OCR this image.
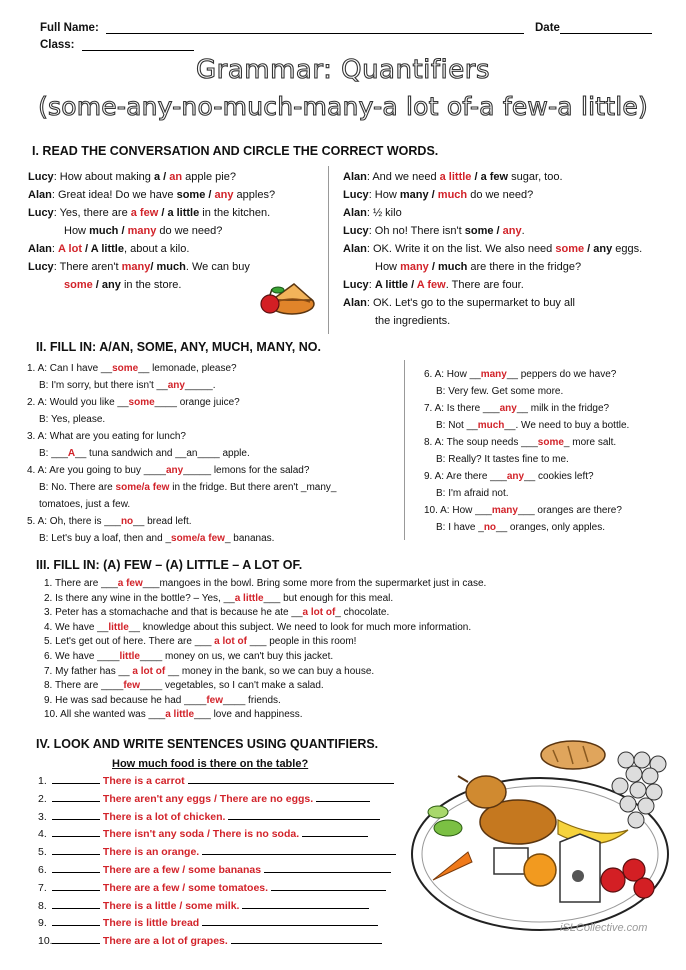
Full Name:	Date
Class:
Grammar: Quantifiers
(some-any-no-much-many-a lot of-a few-a little)
I. READ THE CONVERSATION AND CIRCLE THE CORRECT WORDS.
Lucy: How about making a / an apple pie?
Alan: Great idea! Do we have some / any apples?
Lucy: Yes, there are a few / a little in the kitchen.
How much / many do we need?
Alan: A lot / A little, about a kilo.
Lucy: There aren't many/ much. We can buy
some / any in the store.
Alan: And we need a little / a few sugar, too.
Lucy: How many / much do we need?
Alan: ½ kilo
Lucy: Oh no! There isn't some / any.
Alan: OK. Write it on the list. We also need some / any eggs.
How many / much are there in the fridge?
Lucy: A little / A few. There are four.
Alan: OK. Let's go to the supermarket to buy all
the ingredients.
II. FILL IN: A/AN, SOME, ANY, MUCH, MANY, NO.
1. A: Can I have __some__ lemonade, please?
B: I'm sorry, but there isn't __any_____.
2. A: Would you like __some____ orange juice?
B: Yes, please.
3. A: What are you eating for lunch?
B: ___A__ tuna sandwich and __an____ apple.
4. A: Are you going to buy ____any_____ lemons for the salad?
B: No. There are some/a few in the fridge. But there aren't _many_
tomatoes, just a few.
5. A: Oh, there is ___no__ bread left.
B: Let's buy a loaf, then and _some/a few_ bananas.
6. A: How __many__ peppers do we have?
B: Very few. Get some more.
7. A: Is there ___any__ milk in the fridge?
B: Not __much__. We need to buy a bottle.
8. A: The soup needs ___some_ more salt.
B: Really? It tastes fine to me.
9. A: Are there ___any__ cookies left?
B: I'm afraid not.
10. A: How ___many___ oranges are there?
B: I have _no__ oranges, only apples.
III. FILL IN: (A) FEW – (A) LITTLE – A LOT OF.
1. There are ___a few___mangoes in the bowl. Bring some more from the supermarket just in case.
2. Is there any wine in the bottle? – Yes, __a little___ but enough for this meal.
3. Peter has a stomachache and that is because he ate __a lot of_ chocolate.
4. We have __little__ knowledge about this subject. We need to look for much more information.
5. Let's get out of here. There are ___ a lot of ___ people in this room!
6. We have ____little____ money on us, we can't buy this jacket.
7. My father has __ a lot of __ money in the bank, so we can buy a house.
8. There are ____few____ vegetables, so I can't make a salad.
9. He was sad because he had ____few____ friends.
10. All she wanted was ___a little___ love and happiness.
IV. LOOK AND WRITE SENTENCES USING QUANTIFIERS.
How much food is there on the table?
1.	There is a carrot
2.	There aren't any eggs / There are no eggs.
3.	There is a lot of chicken.
4.	There isn't any soda / There is no soda.
5.	There is an orange.
6.	There are a few / some bananas
7.	There are a few / some tomatoes.
8.	There is a little / some milk.
9.	There is little bread
10.	There are a lot of grapes.
iSLCollective.com
